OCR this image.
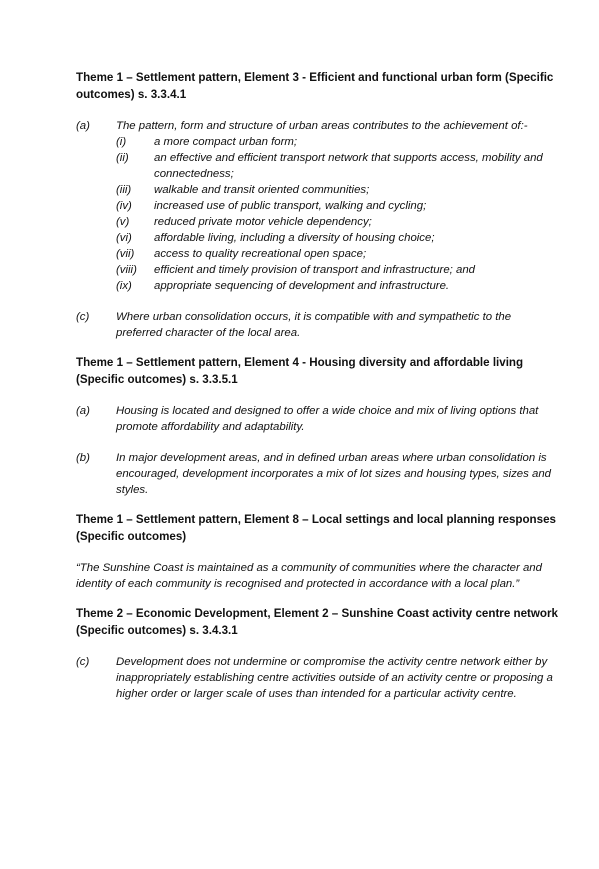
Theme 1 – Settlement pattern, Element 3 - Efficient and functional urban form (Specific outcomes) s. 3.3.4.1

(a)	The pattern, form and structure of urban areas contributes to the achievement of:-
(i)	a more compact urban form;
(ii)	an effective and efficient transport network that supports access, mobility and connectedness;
(iii)	walkable and transit oriented communities;
(iv)	increased use of public transport, walking and cycling;
(v)	reduced private motor vehicle dependency;
(vi)	affordable living, including a diversity of housing choice;
(vii)	access to quality recreational open space;
(viii)	efficient and timely provision of transport and infrastructure; and
(ix)	appropriate sequencing of development and infrastructure.
(c)	Where urban consolidation occurs, it is compatible with and sympathetic to the preferred character of the local area.

Theme 1 – Settlement pattern, Element 4 - Housing diversity and affordable living (Specific outcomes) s. 3.3.5.1

(a)	Housing is located and designed to offer a wide choice and mix of living options that promote affordability and adaptability.
(b)	In major development areas, and in defined urban areas where urban consolidation is encouraged, development incorporates a mix of lot sizes and housing types, sizes and styles.

Theme 1 – Settlement pattern, Element 8 – Local settings and local planning responses (Specific outcomes)

“The Sunshine Coast is maintained as a community of communities where the character and identity of each community is recognised and protected in accordance with a local plan.”

Theme 2 – Economic Development, Element 2 – Sunshine Coast activity centre network (Specific outcomes) s. 3.4.3.1

(c)	Development does not undermine or compromise the activity centre network either by inappropriately establishing centre activities outside of an activity centre or proposing a higher order or larger scale of uses than intended for a particular activity centre.
